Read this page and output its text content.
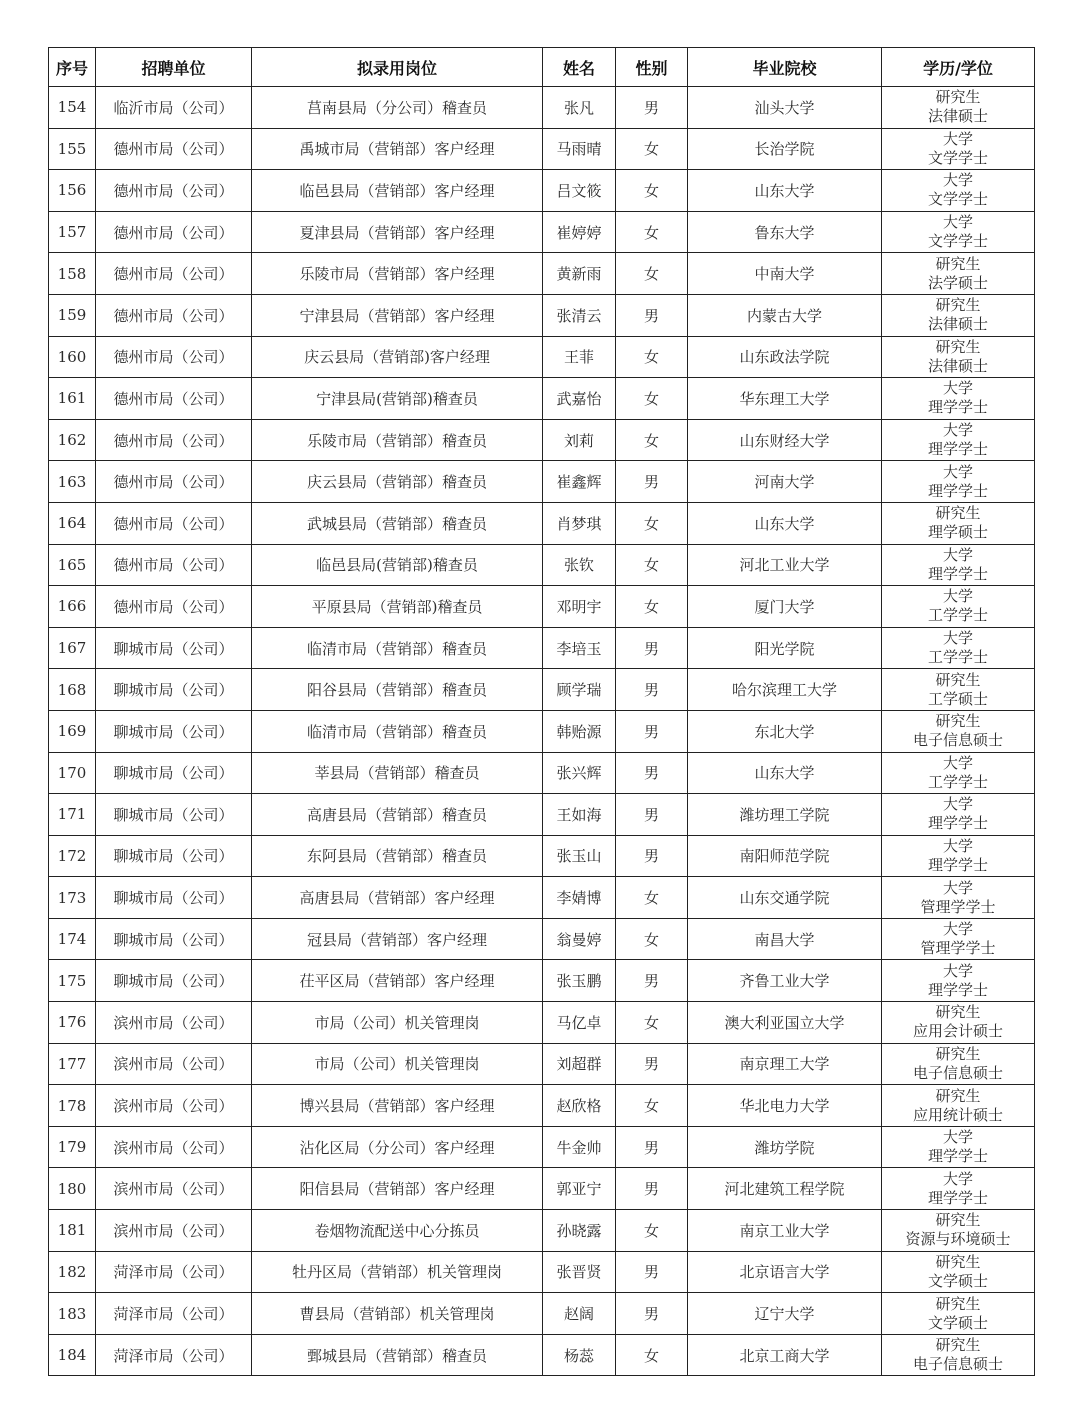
序号	招聘单位	拟录用岗位	姓名	性别	毕业院校	学历/学位
154	临沂市局（公司）	莒南县局（分公司）稽查员	张凡	男	汕头大学	研究生
法律硕士

155	德州市局（公司）	禹城市局（营销部）客户经理	马雨晴	女	长治学院	大学
文学学士

156	德州市局（公司）	临邑县局（营销部）客户经理	吕文筱	女	山东大学	大学
文学学士

157	德州市局（公司）	夏津县局（营销部）客户经理	崔婷婷	女	鲁东大学	大学
文学学士

158	德州市局（公司）	乐陵市局（营销部）客户经理	黄新雨	女	中南大学	研究生
法学硕士

159	德州市局（公司）	宁津县局（营销部）客户经理	张清云	男	内蒙古大学	研究生
法律硕士

160	德州市局（公司）	庆云县局（营销部)客户经理	王菲	女	山东政法学院	研究生
法律硕士

161	德州市局（公司）	宁津县局(营销部)稽查员	武嘉怡	女	华东理工大学	大学
理学学士

162	德州市局（公司）	乐陵市局（营销部）稽查员	刘莉	女	山东财经大学	大学
理学学士

163	德州市局（公司）	庆云县局（营销部）稽查员	崔鑫辉	男	河南大学	大学
理学学士

164	德州市局（公司）	武城县局（营销部）稽查员	肖梦琪	女	山东大学	研究生
理学硕士

165	德州市局（公司）	临邑县局(营销部)稽查员	张钦	女	河北工业大学	大学
理学学士

166	德州市局（公司）	平原县局（营销部)稽查员	邓明宇	女	厦门大学	大学
工学学士

167	聊城市局（公司）	临清市局（营销部）稽查员	李培玉	男	阳光学院	大学
工学学士

168	聊城市局（公司）	阳谷县局（营销部）稽查员	顾学瑞	男	哈尔滨理工大学	研究生
工学硕士

169	聊城市局（公司）	临清市局（营销部）稽查员	韩贻源	男	东北大学	研究生
电子信息硕士

170	聊城市局（公司）	莘县局（营销部）稽查员	张兴辉	男	山东大学	大学
工学学士

171	聊城市局（公司）	高唐县局（营销部）稽查员	王如海	男	潍坊理工学院	大学
理学学士

172	聊城市局（公司）	东阿县局（营销部）稽查员	张玉山	男	南阳师范学院	大学
理学学士

173	聊城市局（公司）	高唐县局（营销部）客户经理	李婧博	女	山东交通学院	大学
管理学学士

174	聊城市局（公司）	冠县局（营销部）客户经理	翁曼婷	女	南昌大学	大学
管理学学士

175	聊城市局（公司）	茌平区局（营销部）客户经理	张玉鹏	男	齐鲁工业大学	大学
理学学士

176	滨州市局（公司）	市局（公司）机关管理岗	马亿卓	女	澳大利亚国立大学	研究生
应用会计硕士

177	滨州市局（公司）	市局（公司）机关管理岗	刘超群	男	南京理工大学	研究生
电子信息硕士

178	滨州市局（公司）	博兴县局（营销部）客户经理	赵欣格	女	华北电力大学	研究生
应用统计硕士

179	滨州市局（公司）	沾化区局（分公司）客户经理	牛金帅	男	潍坊学院	大学
理学学士

180	滨州市局（公司）	阳信县局（营销部）客户经理	郭亚宁	男	河北建筑工程学院	大学
理学学士

181	滨州市局（公司）	卷烟物流配送中心分拣员	孙晓露	女	南京工业大学	研究生
资源与环境硕士

182	菏泽市局（公司）	牡丹区局（营销部）机关管理岗	张晋贤	男	北京语言大学	研究生
文学硕士

183	菏泽市局（公司）	曹县局（营销部）机关管理岗	赵阔	男	辽宁大学	研究生
文学硕士

184	菏泽市局（公司）	鄄城县局（营销部）稽查员	杨蕊	女	北京工商大学	研究生
电子信息硕士
